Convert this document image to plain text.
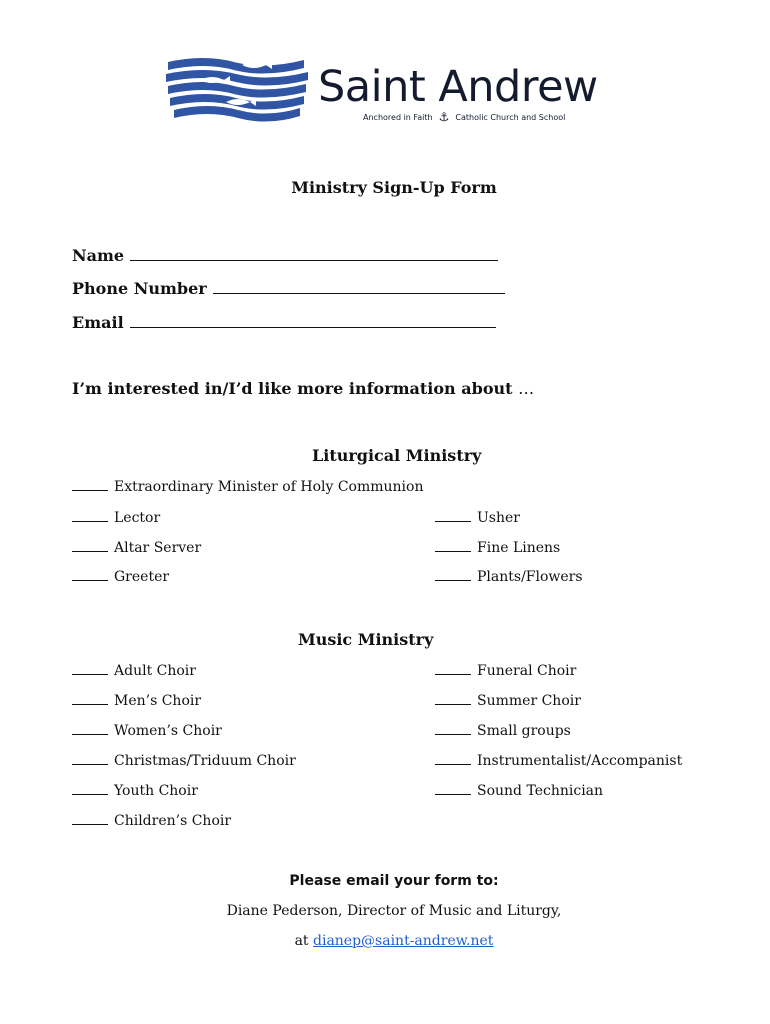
Saint Andrew
Anchored in Faith ⚓ Catholic Church and School
Ministry Sign-Up Form
Name
Phone Number
Email
I’m interested in/I’d like more information about …
Liturgical Ministry
Extraordinary Minister of Holy Communion
Lector
Altar Server
Greeter
Usher
Fine Linens
Plants/Flowers
Music Ministry
Adult Choir
Men’s Choir
Women’s Choir
Christmas/Triduum Choir
Youth Choir
Children’s Choir
Funeral Choir
Summer Choir
Small groups
Instrumentalist/Accompanist
Sound Technician
Please email your form to:
Diane Pederson, Director of Music and Liturgy,
at dianep@saint-andrew.net
